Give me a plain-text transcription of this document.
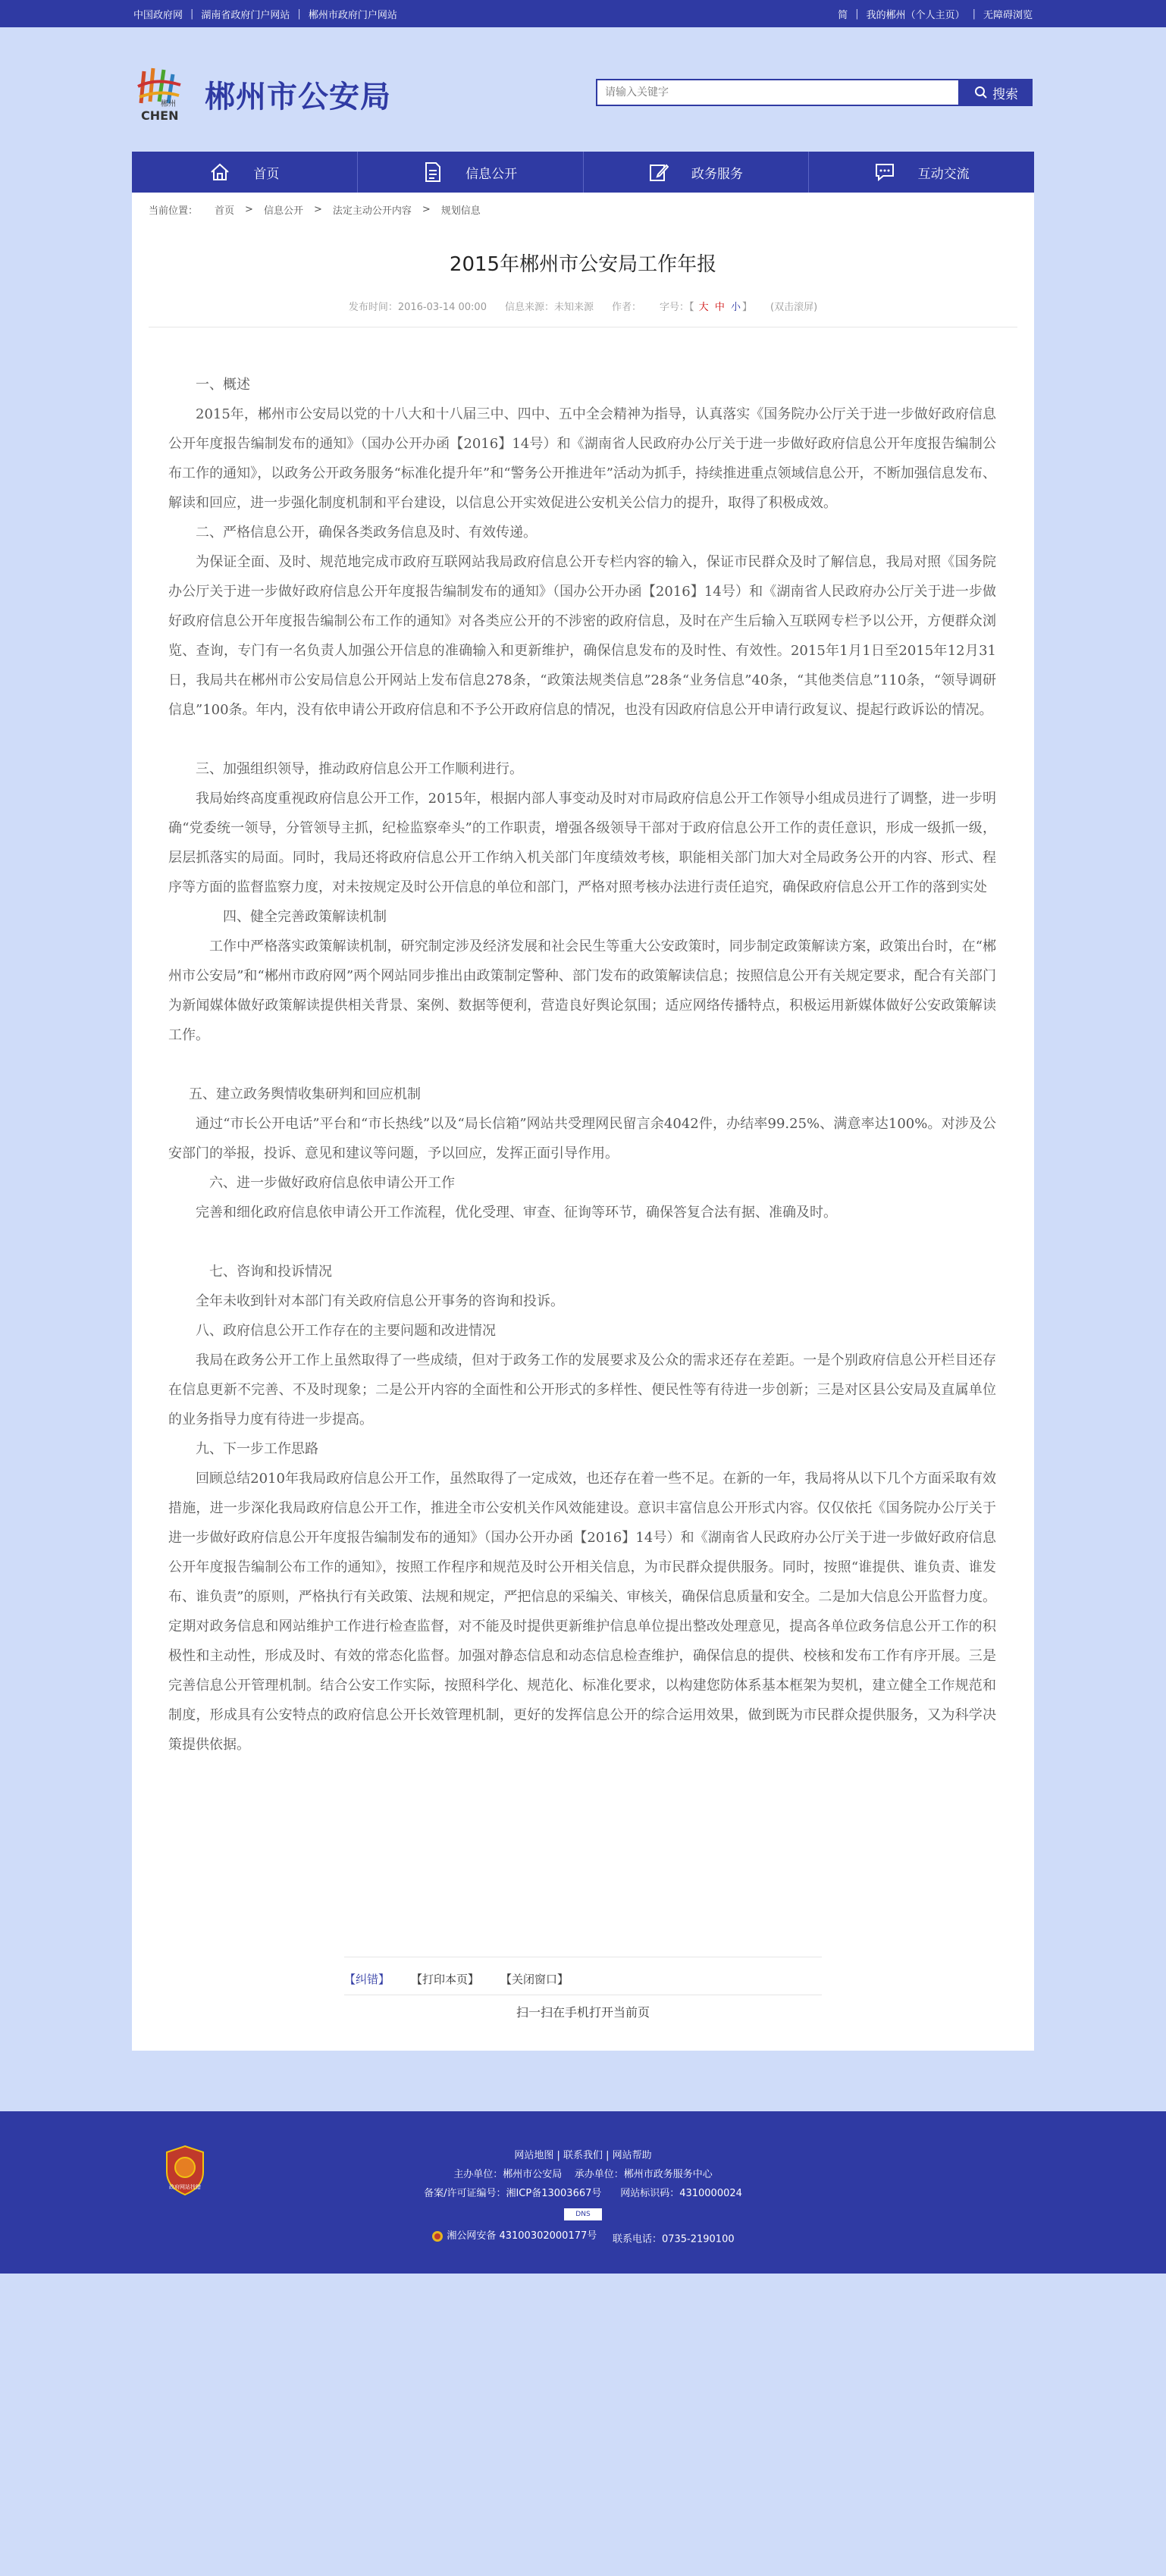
中国政府网 | 湖南省政府门户网站 | 郴州市政府门户网站	简 | 我的郴州（个人主页） | 无障碍浏览
郴州
CHEN
郴州市公安局
请输入关键字	搜索
首页	信息公开	政务服务	互动交流
当前位置： 首页 > 信息公开 > 法定主动公开内容 > 规划信息
2015年郴州市公安局工作年报
发布时间：2016-03-14 00:00 信息来源：未知来源 作者： 字号：【 大 中 小 】 (双击滚屏)

一、概述

2015年，郴州市公安局以党的十八大和十八届三中、四中、五中全会精神为指导，认真落实《国务院办公厅关于进一步做好政府信息公开年度报告编制发布的通知》（国办公开办函【2016】14号）和《湖南省人民政府办公厅关于进一步做好政府信息公开年度报告编制公布工作的通知》，以政务公开政务服务“标准化提升年”和“警务公开推进年”活动为抓手，持续推进重点领域信息公开，不断加强信息发布、解读和回应，进一步强化制度机制和平台建设，以信息公开实效促进公安机关公信力的提升，取得了积极成效。

二、严格信息公开，确保各类政务信息及时、有效传递。

为保证全面、及时、规范地完成市政府互联网站我局政府信息公开专栏内容的输入，保证市民群众及时了解信息，我局对照《国务院办公厅关于进一步做好政府信息公开年度报告编制发布的通知》（国办公开办函【2016】14号）和《湖南省人民政府办公厅关于进一步做好政府信息公开年度报告编制公布工作的通知》对各类应公开的不涉密的政府信息，及时在产生后输入互联网专栏予以公开，方便群众浏览、查询，专门有一名负责人加强公开信息的准确输入和更新维护，确保信息发布的及时性、有效性。2015年1月1日至2015年12月31日，我局共在郴州市公安局信息公开网站上发布信息278条，“政策法规类信息”28条“业务信息”40条，“其他类信息”110条，“领导调研信息”100条。年内，没有依申请公开政府信息和不予公开政府信息的情况，也没有因政府信息公开申请行政复议、提起行政诉讼的情况。

三、加强组织领导，推动政府信息公开工作顺利进行。

我局始终高度重视政府信息公开工作，2015年，根据内部人事变动及时对市局政府信息公开工作领导小组成员进行了调整，进一步明确“党委统一领导，分管领导主抓，纪检监察牵头”的工作职责，增强各级领导干部对于政府信息公开工作的责任意识，形成一级抓一级，层层抓落实的局面。同时，我局还将政府信息公开工作纳入机关部门年度绩效考核，职能相关部门加大对全局政务公开的内容、形式、程序等方面的监督监察力度，对未按规定及时公开信息的单位和部门，严格对照考核办法进行责任追究，确保政府信息公开工作的落到实处

四、健全完善政策解读机制

工作中严格落实政策解读机制，研究制定涉及经济发展和社会民生等重大公安政策时，同步制定政策解读方案，政策出台时，在“郴州市公安局”和“郴州市政府网”两个网站同步推出由政策制定警种、部门发布的政策解读信息；按照信息公开有关规定要求，配合有关部门为新闻媒体做好政策解读提供相关背景、案例、数据等便利，营造良好舆论氛围；适应网络传播特点，积极运用新媒体做好公安政策解读工作。

五、建立政务舆情收集研判和回应机制

通过“市长公开电话”平台和“市长热线”以及“局长信箱”网站共受理网民留言余4042件，办结率99.25%、满意率达100%。对涉及公安部门的举报，投诉、意见和建议等问题，予以回应，发挥正面引导作用。

六、进一步做好政府信息依申请公开工作

完善和细化政府信息依申请公开工作流程，优化受理、审查、征询等环节，确保答复合法有据、准确及时。

七、咨询和投诉情况

全年未收到针对本部门有关政府信息公开事务的咨询和投诉。

八、政府信息公开工作存在的主要问题和改进情况

我局在政务公开工作上虽然取得了一些成绩，但对于政务工作的发展要求及公众的需求还存在差距。一是个别政府信息公开栏目还存在信息更新不完善、不及时现象；二是公开内容的全面性和公开形式的多样性、便民性等有待进一步创新；三是对区县公安局及直属单位的业务指导力度有待进一步提高。

九、下一步工作思路

回顾总结2010年我局政府信息公开工作，虽然取得了一定成效，也还存在着一些不足。在新的一年，我局将从以下几个方面采取有效措施，进一步深化我局政府信息公开工作，推进全市公安机关作风效能建设。意识丰富信息公开形式内容。仅仅依托《国务院办公厅关于进一步做好政府信息公开年度报告编制发布的通知》（国办公开办函【2016】14号）和《湖南省人民政府办公厅关于进一步做好政府信息公开年度报告编制公布工作的通知》，按照工作程序和规范及时公开相关信息，为市民群众提供服务。同时，按照“谁提供、谁负责、谁发布、谁负责”的原则，严格执行有关政策、法规和规定，严把信息的采编关、审核关，确保信息质量和安全。二是加大信息公开监督力度。定期对政务信息和网站维护工作进行检查监督，对不能及时提供更新维护信息单位提出整改处理意见，提高各单位政务信息公开工作的积极性和主动性，形成及时、有效的常态化监督。加强对静态信息和动态信息检查维护，确保信息的提供、校核和发布工作有序开展。三是完善信息公开管理机制。结合公安工作实际，按照科学化、规范化、标准化要求，以构建您防体系基本框架为契机，建立健全工作规范和制度，形成具有公安特点的政府信息公开长效管理机制，更好的发挥信息公开的综合运用效果，做到既为市民群众提供服务，又为科学决策提供依据。

【纠错】 【打印本页】 【关闭窗口】
扫一扫在手机打开当前页
政府网站找错
网站地图 | 联系我们 | 网站帮助
主办单位：郴州市公安局 承办单位：郴州市政务服务中心
备案/许可证编号：湘ICP备13003667号 网站标识码：4310000024
DNS
湘公网安备 43100302000177号 联系电话：0735-2190100
